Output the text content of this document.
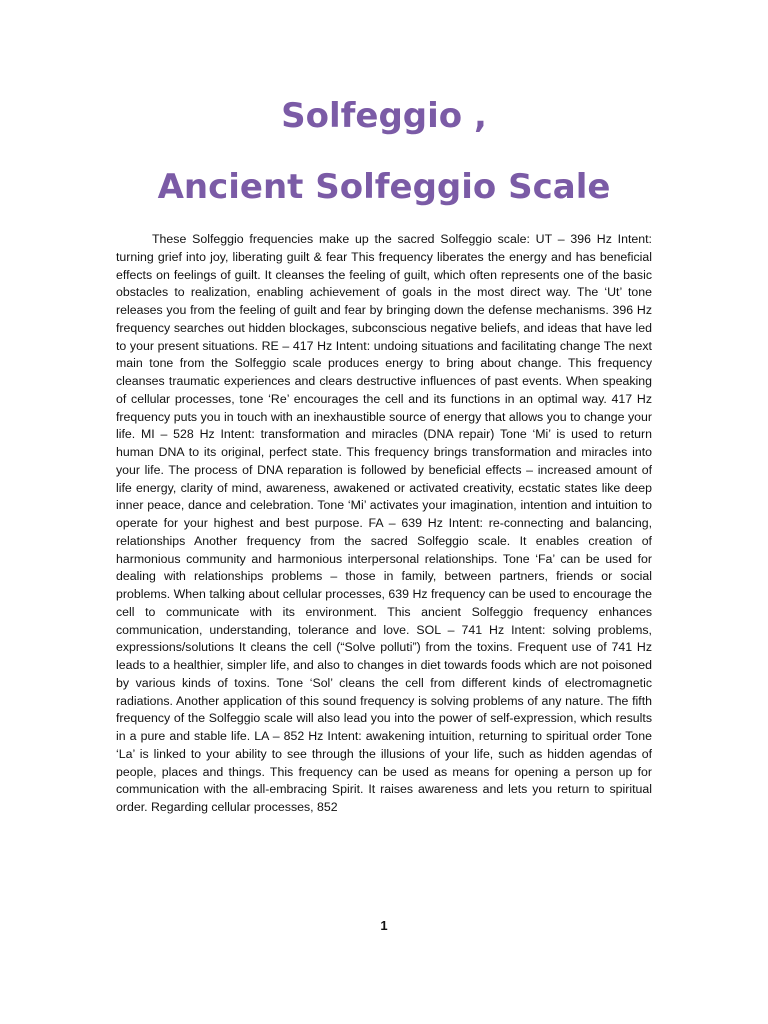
Solfeggio ,
Ancient Solfeggio Scale

These Solfeggio frequencies make up the sacred Solfeggio scale: UT – 396 Hz Intent: turning grief into joy, liberating guilt & fear This frequency liberates the energy and has beneficial effects on feelings of guilt. It cleanses the feeling of guilt, which often represents one of the basic obstacles to realization, enabling achievement of goals in the most direct way. The ‘Ut’ tone releases you from the feeling of guilt and fear by bringing down the defense mechanisms. 396 Hz frequency searches out hidden blockages, subconscious negative beliefs, and ideas that have led to your present situations. RE – 417 Hz Intent: undoing situations and facilitating change The next main tone from the Solfeggio scale produces energy to bring about change. This frequency cleanses traumatic experiences and clears destructive influences of past events. When speaking of cellular processes, tone ‘Re’ encourages the cell and its functions in an optimal way. 417 Hz frequency puts you in touch with an inexhaustible source of energy that allows you to change your life. MI – 528 Hz Intent: transformation and miracles (DNA repair) Tone ‘Mi’ is used to return human DNA to its original, perfect state. This frequency brings transformation and miracles into your life. The process of DNA reparation is followed by beneficial effects – increased amount of life energy, clarity of mind, awareness, awakened or activated creativity, ecstatic states like deep inner peace, dance and celebration. Tone ‘Mi’ activates your imagination, intention and intuition to operate for your highest and best purpose. FA – 639 Hz Intent: re-connecting and balancing, relationships Another frequency from the sacred Solfeggio scale. It enables creation of harmonious community and harmonious interpersonal relationships. Tone ‘Fa’ can be used for dealing with relationships problems – those in family, between partners, friends or social problems. When talking about cellular processes, 639 Hz frequency can be used to encourage the cell to communicate with its environment. This ancient Solfeggio frequency enhances communication, understanding, tolerance and love. SOL – 741 Hz Intent: solving problems, expressions/solutions It cleans the cell (“Solve polluti”) from the toxins. Frequent use of 741 Hz leads to a healthier, simpler life, and also to changes in diet towards foods which are not poisoned by various kinds of toxins. Tone ‘Sol’ cleans the cell from different kinds of electromagnetic radiations. Another application of this sound frequency is solving problems of any nature. The fifth frequency of the Solfeggio scale will also lead you into the power of self-expression, which results in a pure and stable life. LA – 852 Hz Intent: awakening intuition, returning to spiritual order Tone ‘La’ is linked to your ability to see through the illusions of your life, such as hidden agendas of people, places and things. This frequency can be used as means for opening a person up for communication with the all-embracing Spirit. It raises awareness and lets you return to spiritual order. Regarding cellular processes, 852

1
